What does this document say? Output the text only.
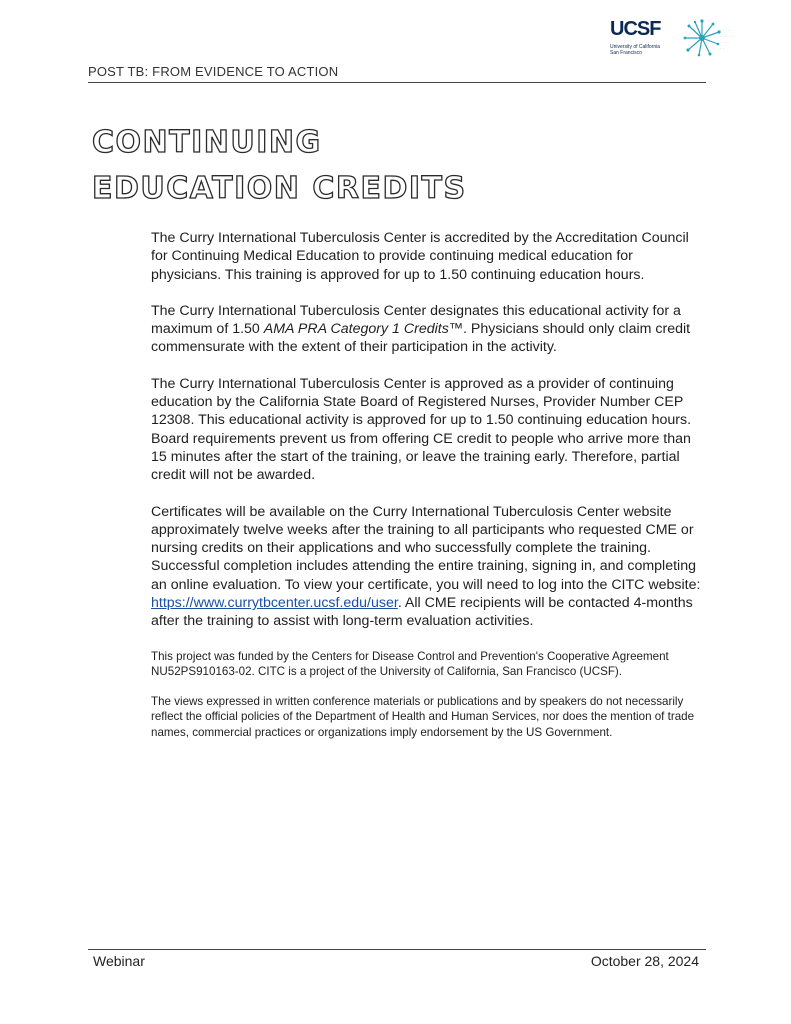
UCSF
University of California San Francisco
· · · · ·
· · · · · ·
· · · ·
· ·
POST TB: FROM EVIDENCE TO ACTION
CONTINUING
EDUCATION CREDITS

The Curry International Tuberculosis Center is accredited by the Accreditation Council for Continuing Medical Education to provide continuing medical education for physicians. This training is approved for up to 1.50 continuing education hours.

The Curry International Tuberculosis Center designates this educational activity for a maximum of 1.50 AMA PRA Category 1 Credits™. Physicians should only claim credit commensurate with the extent of their participation in the activity.

The Curry International Tuberculosis Center is approved as a provider of continuing education by the California State Board of Registered Nurses, Provider Number CEP 12308. This educational activity is approved for up to 1.50 continuing education hours. Board requirements prevent us from offering CE credit to people who arrive more than 15 minutes after the start of the training, or leave the training early. Therefore, partial credit will not be awarded.

Certificates will be available on the Curry International Tuberculosis Center website approximately twelve weeks after the training to all participants who requested CME or nursing credits on their applications and who successfully complete the training. Successful completion includes attending the entire training, signing in, and completing an online evaluation. To view your certificate, you will need to log into the CITC website: https://www.currytbcenter.ucsf.edu/user. All CME recipients will be contacted 4-months after the training to assist with long-term evaluation activities.

This project was funded by the Centers for Disease Control and Prevention's Cooperative Agreement NU52PS910163-02. CITC is a project of the University of California, San Francisco (UCSF).

The views expressed in written conference materials or publications and by speakers do not necessarily reflect the official policies of the Department of Health and Human Services, nor does the mention of trade names, commercial practices or organizations imply endorsement by the US Government.

Webinar	October 28, 2024
